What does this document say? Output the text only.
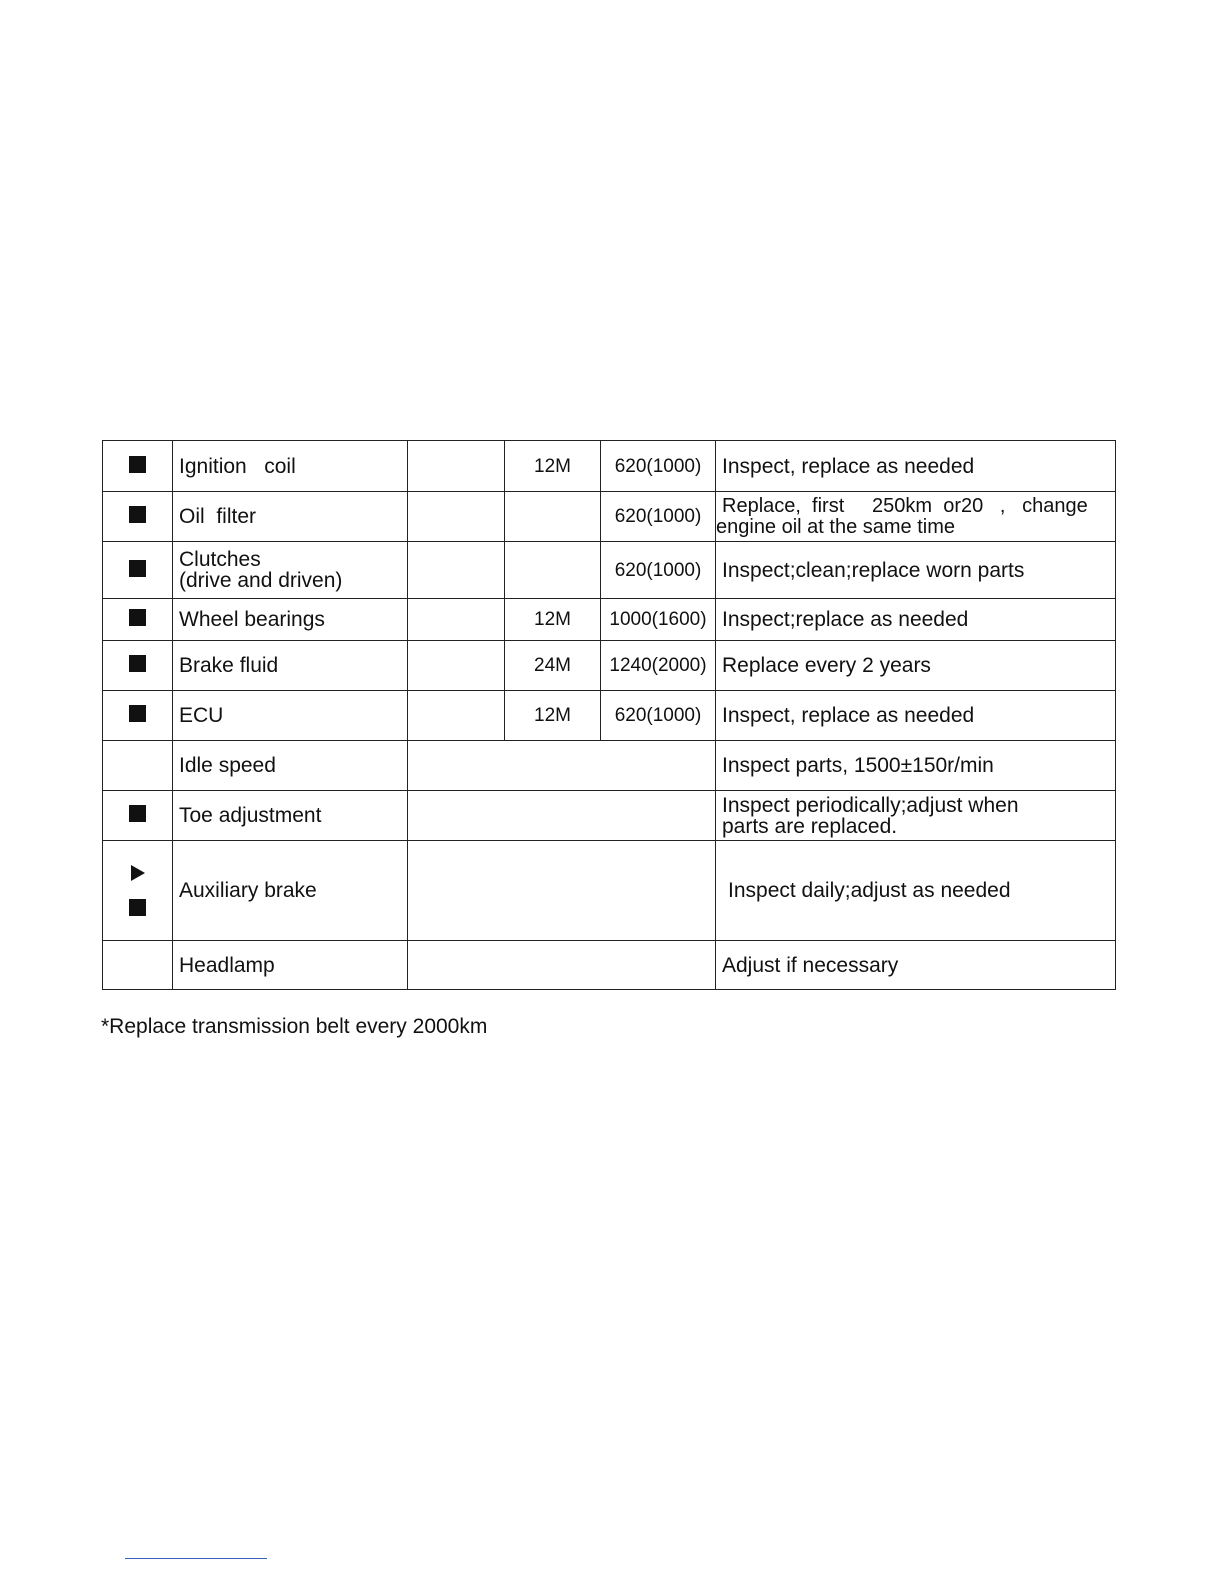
	Ignition   coil		12M	620(1000)	Inspect, replace as needed
	Oil  filter			620(1000)	Replace,  first     250km  or20   ,   change
engine oil at the same time

	Clutches
(drive and driven)			620(1000)	Inspect;clean;replace worn parts
	Wheel bearings		12M	1000(1600)	Inspect;replace as needed
	Brake fluid		24M	1240(2000)	Replace every 2 years
	ECU		12M	620(1000)	Inspect, replace as needed
	Idle speed				Inspect parts, 1500±150r/min
	Toe adjustment				Inspect periodically;adjust when
parts are replaced.

	Auxiliary brake				Inspect daily;adjust as needed
	Headlamp				Adjust if necessary
*Replace transmission belt every 2000km
